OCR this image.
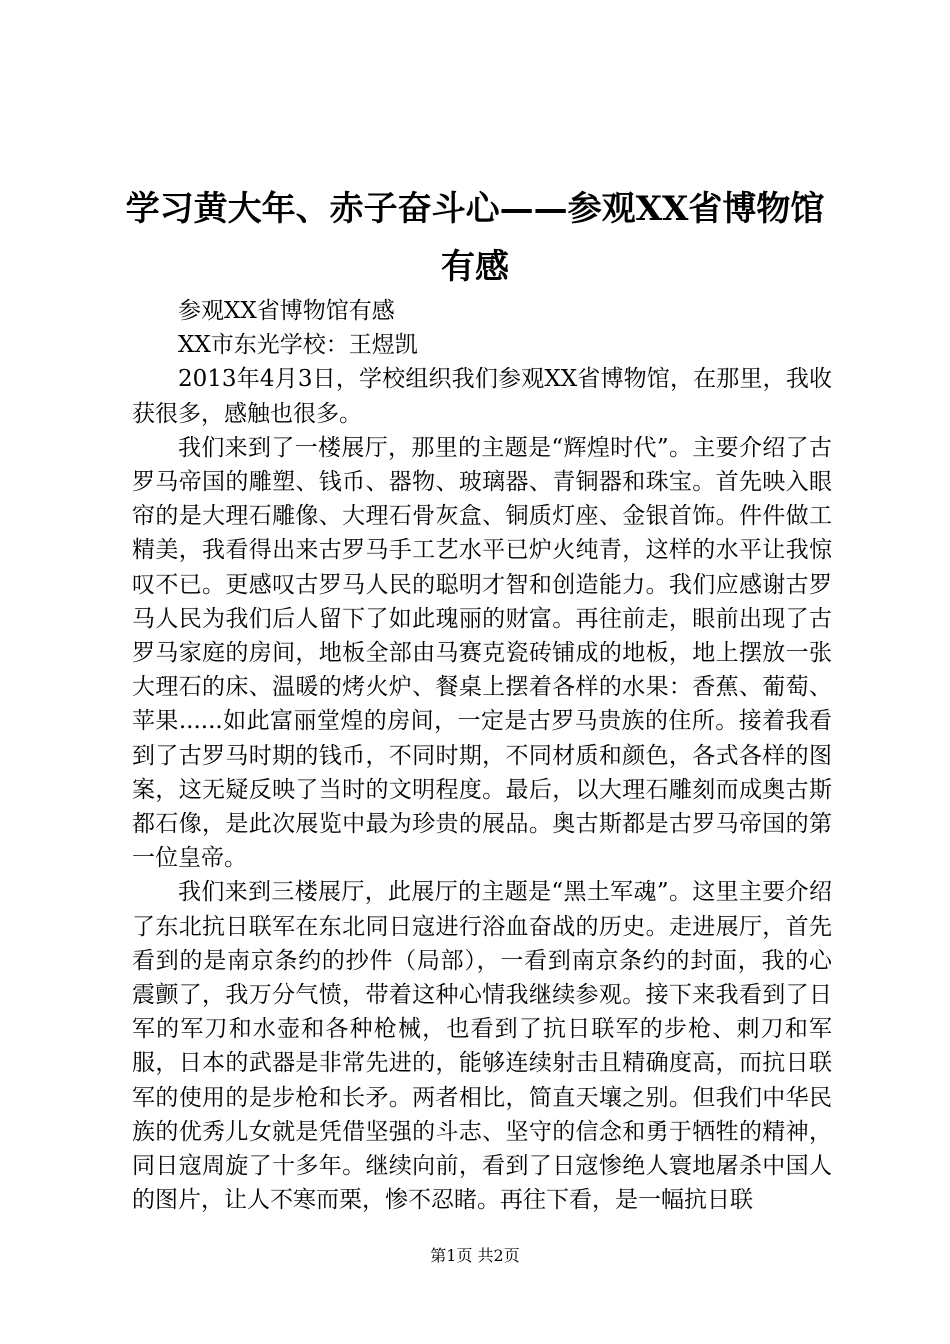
学习黄大年、赤子奋斗心——参观XX省博物馆有感

参观XX省博物馆有感

XX市东光学校：王煜凯

2013年4月3日，学校组织我们参观XX省博物馆，在那里，我收获很多，感触也很多。

我们来到了一楼展厅，那里的主题是“辉煌时代”。主要介绍了古罗马帝国的雕塑、钱币、器物、玻璃器、青铜器和珠宝。首先映入眼帘的是大理石雕像、大理石骨灰盒、铜质灯座、金银首饰。件件做工精美，我看得出来古罗马手工艺水平已炉火纯青，这样的水平让我惊叹不已。更感叹古罗马人民的聪明才智和创造能力。我们应感谢古罗马人民为我们后人留下了如此瑰丽的财富。再往前走，眼前出现了古罗马家庭的房间，地板全部由马赛克瓷砖铺成的地板，地上摆放一张大理石的床、温暖的烤火炉、餐桌上摆着各样的水果：香蕉、葡萄、苹果......如此富丽堂煌的房间，一定是古罗马贵族的住所。接着我看到了古罗马时期的钱币，不同时期，不同材质和颜色，各式各样的图案，这无疑反映了当时的文明程度。最后，以大理石雕刻而成奥古斯都石像，是此次展览中最为珍贵的展品。奥古斯都是古罗马帝国的第一位皇帝。

我们来到三楼展厅，此展厅的主题是“黑土军魂”。这里主要介绍了东北抗日联军在东北同日寇进行浴血奋战的历史。走进展厅，首先看到的是南京条约的抄件（局部），一看到南京条约的封面，我的心震颤了，我万分气愤，带着这种心情我继续参观。接下来我看到了日军的军刀和水壶和各种枪械，也看到了抗日联军的步枪、刺刀和军服，日本的武器是非常先进的，能够连续射击且精确度高，而抗日联军的使用的是步枪和长矛。两者相比，简直天壤之别。但我们中华民族的优秀儿女就是凭借坚强的斗志、坚守的信念和勇于牺牲的精神，同日寇周旋了十多年。继续向前，看到了日寇惨绝人寰地屠杀中国人的图片，让人不寒而栗，惨不忍睹。再往下看，是一幅抗日联

第1页 共2页
